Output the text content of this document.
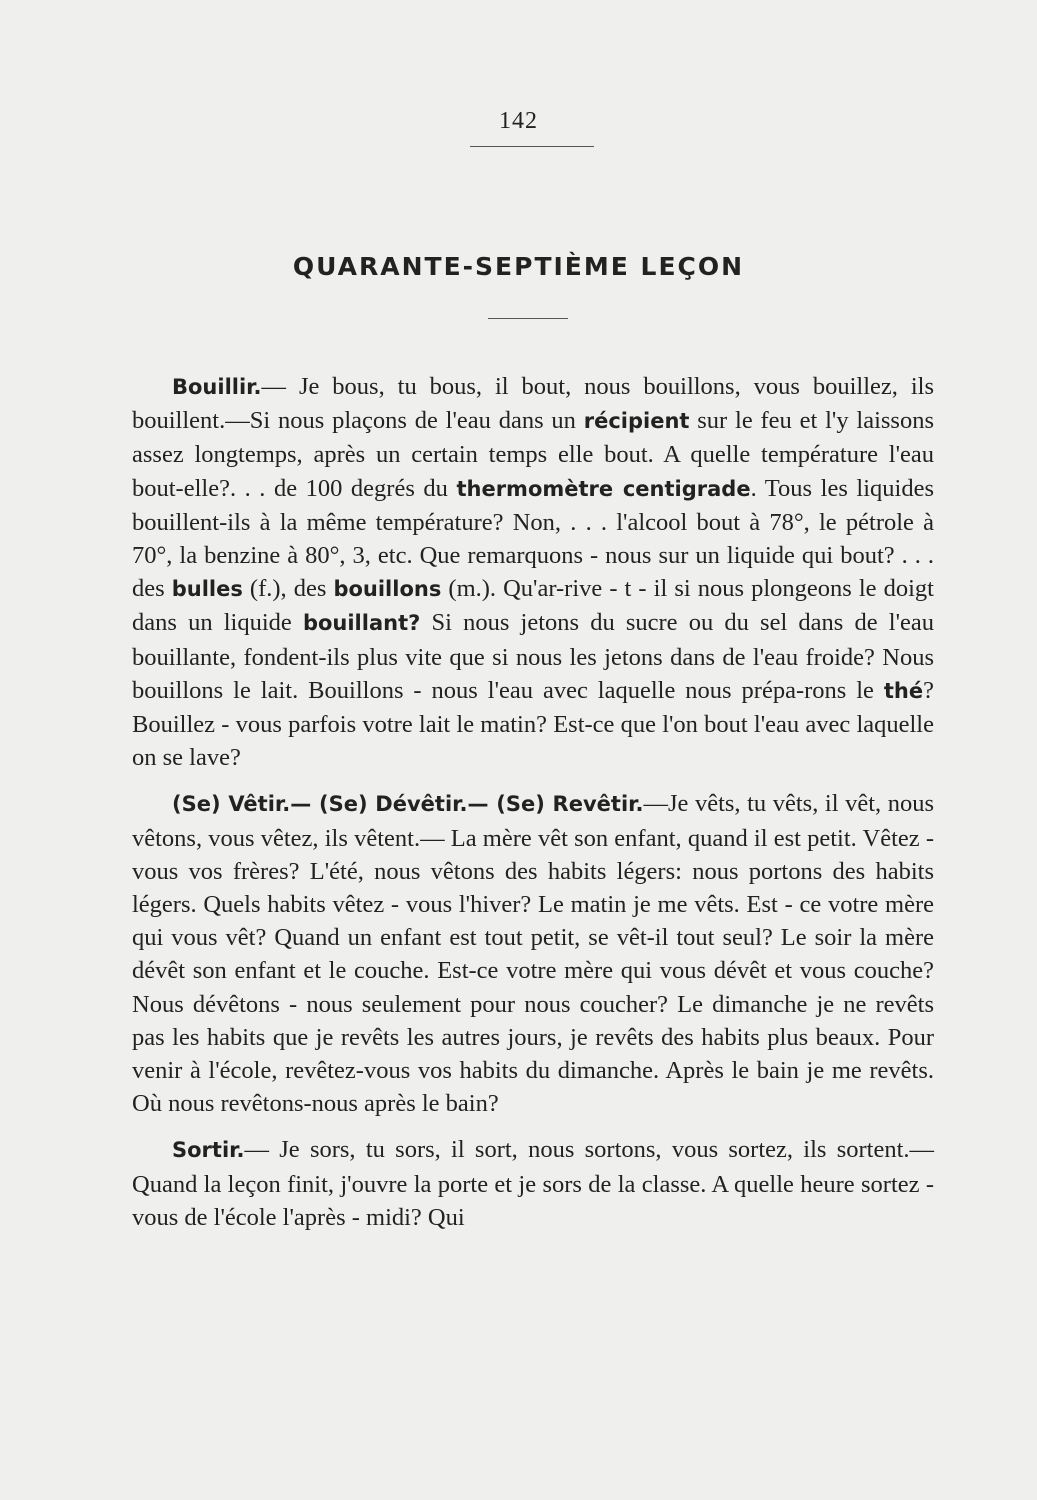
142
QUARANTE-SEPTIÈME LEÇON

Bouillir.— Je bous, tu bous, il bout, nous bouillons, vous bouillez, ils bouillent.—Si nous plaçons de l'eau dans un récipient sur le feu et l'y laissons assez longtemps, après un certain temps elle bout. A quelle température l'eau bout-elle?. . . de 100 degrés du thermomètre centigrade. Tous les liquides bouillent-ils à la même température? Non, . . . l'alcool bout à 78°, le pétrole à 70°, la benzine à 80°, 3, etc. Que remarquons - nous sur un liquide qui bout? . . . des bulles (f.), des bouillons (m.). Qu'ar-rive - t - il si nous plongeons le doigt dans un liquide bouillant? Si nous jetons du sucre ou du sel dans de l'eau bouillante, fondent-ils plus vite que si nous les jetons dans de l'eau froide? Nous bouillons le lait. Bouillons - nous l'eau avec laquelle nous prépa-rons le thé? Bouillez - vous parfois votre lait le matin? Est-ce que l'on bout l'eau avec laquelle on se lave?

(Se) Vêtir.— (Se) Dévêtir.— (Se) Revêtir.—Je vêts, tu vêts, il vêt, nous vêtons, vous vêtez, ils vêtent.— La mère vêt son enfant, quand il est petit. Vêtez - vous vos frères? L'été, nous vêtons des habits légers: nous portons des habits légers. Quels habits vêtez - vous l'hiver? Le matin je me vêts. Est - ce votre mère qui vous vêt? Quand un enfant est tout petit, se vêt-il tout seul? Le soir la mère dévêt son enfant et le couche. Est-ce votre mère qui vous dévêt et vous couche? Nous dévêtons - nous seulement pour nous coucher? Le dimanche je ne revêts pas les habits que je revêts les autres jours, je revêts des habits plus beaux. Pour venir à l'école, revêtez-vous vos habits du dimanche. Après le bain je me revêts. Où nous revêtons-nous après le bain?

Sortir.— Je sors, tu sors, il sort, nous sortons, vous sortez, ils sortent.—Quand la leçon finit, j'ouvre la porte et je sors de la classe. A quelle heure sortez - vous de l'école l'après - midi? Qui
